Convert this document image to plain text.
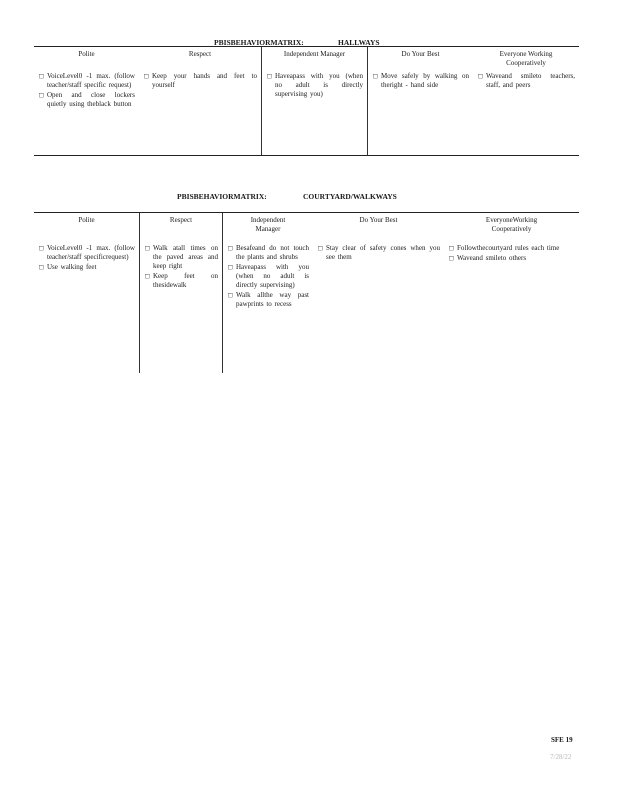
PBISBEHAVIORMATRIX:	HALLWAYS
Polite
□ VoiceLevel0 -1 max. (follow teacher/staff specific request)
□ Open and close lockers quietly using theblack button
Respect
□ Keep your hands and feet to yourself
Independent Manager
□ Haveapass with you (when no adult is directly supervising you)
Do Your Best
□ Move safely by walking on theright - hand side
Everyone Working
Cooperatively
□ Waveand smileto teachers, staff, and peers
PBISBEHAVIORMATRIX:	COURTYARD/WALKWAYS
Polite
□ VoiceLevel0 -1 max. (follow teacher/staff specificrequest)
□ Use walking feet
Respect
□ Walk atall times on the paved areas and keep right
□ Keep feet on thesidewalk
Independent
Manager
□ Besafeand do not touch the plants and shrubs
□ Haveapass with you (when no adult is directly supervising)
□ Walk allthe way past pawprints to recess
Do Your Best
□ Stay clear of safety cones when you see them
EveryoneWorking
Cooperatively
□ Followthecourtyard rules each time
□ Waveand smileto others
SFE 19
7/28/22
